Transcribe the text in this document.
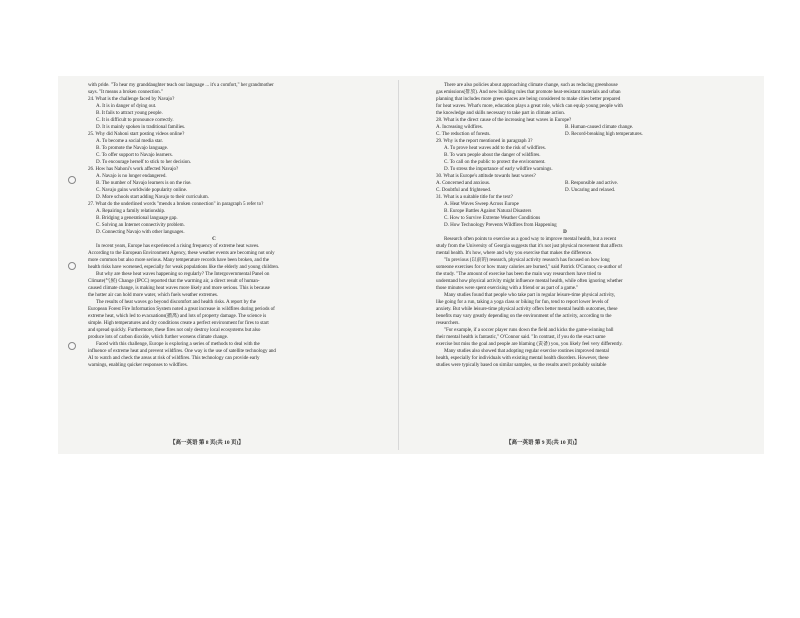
with pride. "To hear my granddaughter teach our language ... it's a comfort," her grandmother
says. "It means a broken connection."
24. What is the challenge faced by Navajo?
A. It is in danger of dying out.
B. It fails to attract young people.
C. It is difficult to pronounce correctly.
D. It is mainly spoken in traditional families.
25. Why did Nahoni start posting videos online?
A. To become a social media star.
B. To promote the Navajo language.
C. To offer support to Navajo learners.
D. To encourage herself to stick to her decision.
26. How has Nahoni's work affected Navajo?
A. Navajo is no longer endangered.
B. The number of Navajo learners is on the rise.
C. Navajo gains worldwide popularity online.
D. More schools start adding Navajo to their curriculum.
27. What do the underlined words "mends a broken connection" in paragraph 5 refer to?
A. Repairing a family relationship.
B. Bridging a generational language gap.
C. Solving an Internet connectivity problem.
D. Connecting Navajo with other languages.
C
In recent years, Europe has experienced a rising frequency of extreme heat waves.
According to the European Environment Agency, these weather events are becoming not only
more common but also more serious. Many temperature records have been broken, and the
health risks have worsened, especially for weak populations like the elderly and young children.
But why are these heat waves happening so regularly? The Intergovernmental Panel on
Climate(气候) Change (IPCC) reported that the warming air, a direct result of human-
caused climate change, is making heat waves more likely and more serious. This is because
the hotter air can hold more water, which fuels weather extremes.
The results of heat waves go beyond discomfort and health risks. A report by the
European Forest Fire Information System noted a great increase in wildfires during periods of
extreme heat, which led to evacuations(撤离) and lots of property damage. The science is
simple. High temperatures and dry conditions create a perfect environment for fires to start
and spread quickly. Furthermore, these fires not only destroy local ecosystems but also
produce lots of carbon dioxide, which further worsens climate change.
Faced with this challenge, Europe is exploring a series of methods to deal with the
influence of extreme heat and prevent wildfires. One way is the use of satellite technology and
AI to watch and check the areas at risk of wildfires. This technology can provide early
warnings, enabling quicker responses to wildfires.
There are also policies about approaching climate change, such as reducing greenhouse
gas emissions(排放). And new building rules that promote heat-resistant materials and urban
planning that includes more green spaces are being considered to make cities better prepared
for heat waves. What's more, education plays a great role, which can equip young people with
the knowledge and skills necessary to take part in climate action.
28. What is the direct cause of the increasing heat waves in Europe?
A. Increasing wildfires.	B. Human-caused climate change.
C. The reduction of forests.	D. Record-breaking high temperatures.
29. Why is the report mentioned in paragraph 3?
A. To prove heat waves add to the risk of wildfires.
B. To warn people about the danger of wildfires.
C. To call on the public to protect the environment.
D. To stress the importance of early wildfire warnings.
30. What is Europe's attitude towards heat waves?
A. Concerned and anxious.	B. Responsible and active.
C. Doubtful and frightened.	D. Uncaring and relaxed.
31. What is a suitable title for the text?
A. Heat Waves Sweep Across Europe
B. Europe Battles Against Natural Disasters
C. How to Survive Extreme Weather Conditions
D. How Technology Prevents Wildfires from Happening
D
Research often points to exercise as a good way to improve mental health, but a recent
study from the University of Georgia suggests that it's not just physical movement that affects
mental health. It's how, where and why you exercise that makes the difference.
"In previous (以前的) research, physical activity research has focused on how long
someone exercises for or how many calories are burned," said Patrick O'Connor, co-author of
the study. "The amount of exercise has been the main way researchers have tried to
understand how physical activity might influence mental health, while often ignoring whether
those minutes were spent exercising with a friend or as part of a game."
Many studies found that people who take part in regular leisure-time physical activity,
like going for a run, taking a yoga class or biking for fun, tend to report lower levels of
anxiety. But while leisure-time physical activity offers better mental health outcomes, these
benefits may vary greatly depending on the environment of the activity, according to the
researchers.
"For example, if a soccer player runs down the field and kicks the game-winning ball
their mental health is fantastic," O'Connor said. "In contrast, if you do the exact same
exercise but miss the goal and people are blaming (责备) you, you likely feel very differently.
Many studies also showed that adopting regular exercise routines improved mental
health, especially for individuals with existing mental health disorders. However, these
studies were typically based on similar samples, so the results aren't probably suitable
【高一英语 第 8 页(共 10 页)】	【高一英语 第 9 页(共 10 页)】
